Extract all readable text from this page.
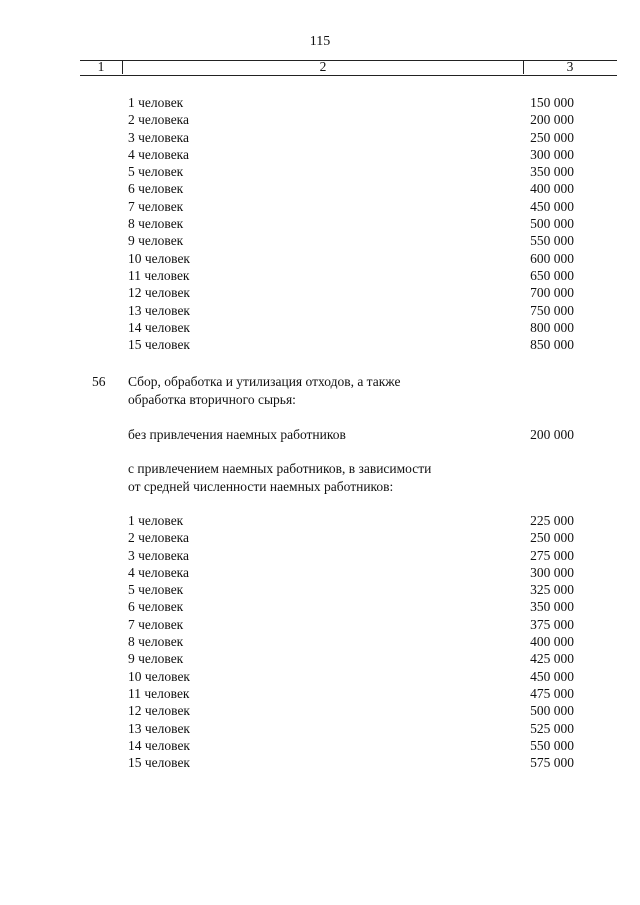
115
1	2	3
1 человек	150 000
2 человека	200 000
3 человека	250 000
4 человека	300 000
5 человек	350 000
6 человек	400 000
7 человек	450 000
8 человек	500 000
9 человек	550 000
10 человек	600 000
11 человек	650 000
12 человек	700 000
13 человек	750 000
14 человек	800 000
15 человек	850 000
56 Сбор, обработка и утилизация отходов, а также
обработка вторичного сырья:
без привлечения наемных работников	200 000
с привлечением наемных работников, в зависимости
от средней численности наемных работников:
1 человек	225 000
2 человека	250 000
3 человека	275 000
4 человека	300 000
5 человек	325 000
6 человек	350 000
7 человек	375 000
8 человек	400 000
9 человек	425 000
10 человек	450 000
11 человек	475 000
12 человек	500 000
13 человек	525 000
14 человек	550 000
15 человек	575 000
